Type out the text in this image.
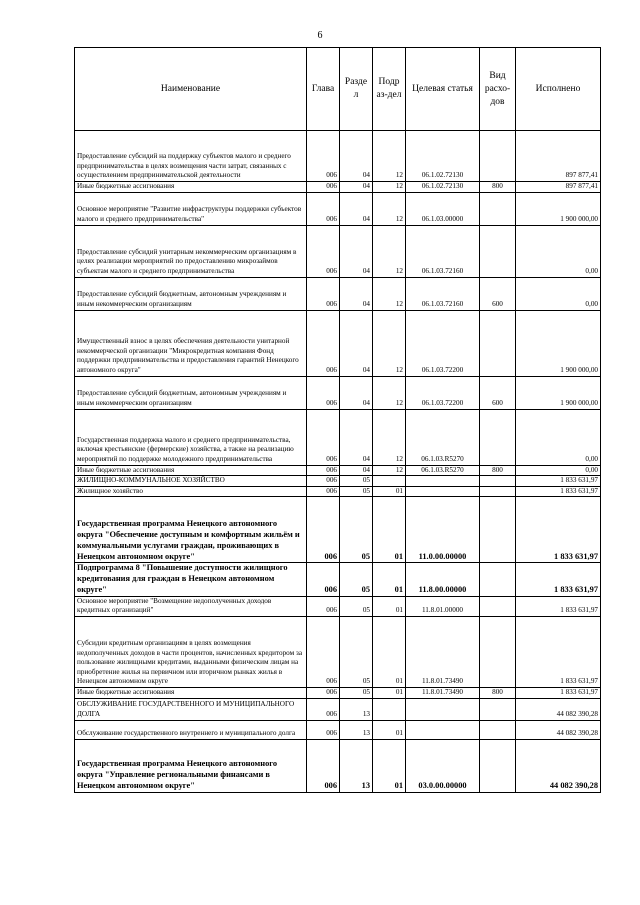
6
Наименование	Глава	Разде л	Подр аз-дел	Целевая статья	Вид расхо- дов	Исполнено
Предоставление субсидий на поддержку субъектов малого и среднего предпринимательства в целях возмещения части затрат, связанных с осуществлением предпринимательской деятельности	006	04	12	06.1.02.72130		897 877,41
Иные бюджетные ассигнования	006	04	12	06.1.02.72130	800	897 877,41
Основное мероприятие "Развитие инфраструктуры поддержки субъектов малого и среднего предпринимательства"	006	04	12	06.1.03.00000		1 900 000,00
Предоставление субсидий унитарным некоммерческим организациям в целях реализации мероприятий по предоставлению микрозаймов субъектам малого и среднего предпринимательства	006	04	12	06.1.03.72160		0,00
Предоставление субсидий бюджетным, автономным учреждениям и иным некоммерческим организациям	006	04	12	06.1.03.72160	600	0,00
Имущественный взнос в целях обеспечения деятельности унитарной некоммерческой организации "Микрокредитная компания Фонд поддержки предпринимательства и предоставления гарантий Ненецкого автономного округа"	006	04	12	06.1.03.72200		1 900 000,00
Предоставление субсидий бюджетным, автономным учреждениям и иным некоммерческим организациям	006	04	12	06.1.03.72200	600	1 900 000,00
Государственная поддержка малого и среднего предпринимательства, включая крестьянские (фермерские) хозяйства, а также на реализацию мероприятий по поддержке молодежного предпринимательства	006	04	12	06.1.03.R5270		0,00
Иные бюджетные ассигнования	006	04	12	06.1.03.R5270	800	0,00
ЖИЛИЩНО-КОММУНАЛЬНОЕ ХОЗЯЙСТВО	006	05				1 833 631,97
Жилищное хозяйство	006	05	01			1 833 631,97
Государственная программа Ненецкого автономного округа "Обеспечение доступным и комфортным жильём и коммунальными услугами граждан, проживающих в Ненецком автономном округе"	006	05	01	11.0.00.00000		1 833 631,97
Подпрограмма 8 "Повышение доступности жилищного кредитования для граждан в Ненецком автономном округе"	006	05	01	11.8.00.00000		1 833 631,97
Основное мероприятие "Возмещение недополученных доходов кредитных организаций"	006	05	01	11.8.01.00000		1 833 631,97
Субсидии кредитным организациям в целях возмещения недополученных доходов в части процентов, начисленных кредитором за пользование жилищными кредитами, выданными физическим лицам на приобретение жилья на первичном или вторичном рынках жилья в Ненецком автономном округе	006	05	01	11.8.01.73490		1 833 631,97
Иные бюджетные ассигнования	006	05	01	11.8.01.73490	800	1 833 631,97
ОБСЛУЖИВАНИЕ ГОСУДАРСТВЕННОГО И МУНИЦИПАЛЬНОГО ДОЛГА	006	13				44 082 390,28
Обслуживание государственного внутреннего и муниципального долга	006	13	01			44 082 390,28
Государственная программа Ненецкого автономного округа "Управление региональными финансами в Ненецком автономном округе"	006	13	01	03.0.00.00000		44 082 390,28
